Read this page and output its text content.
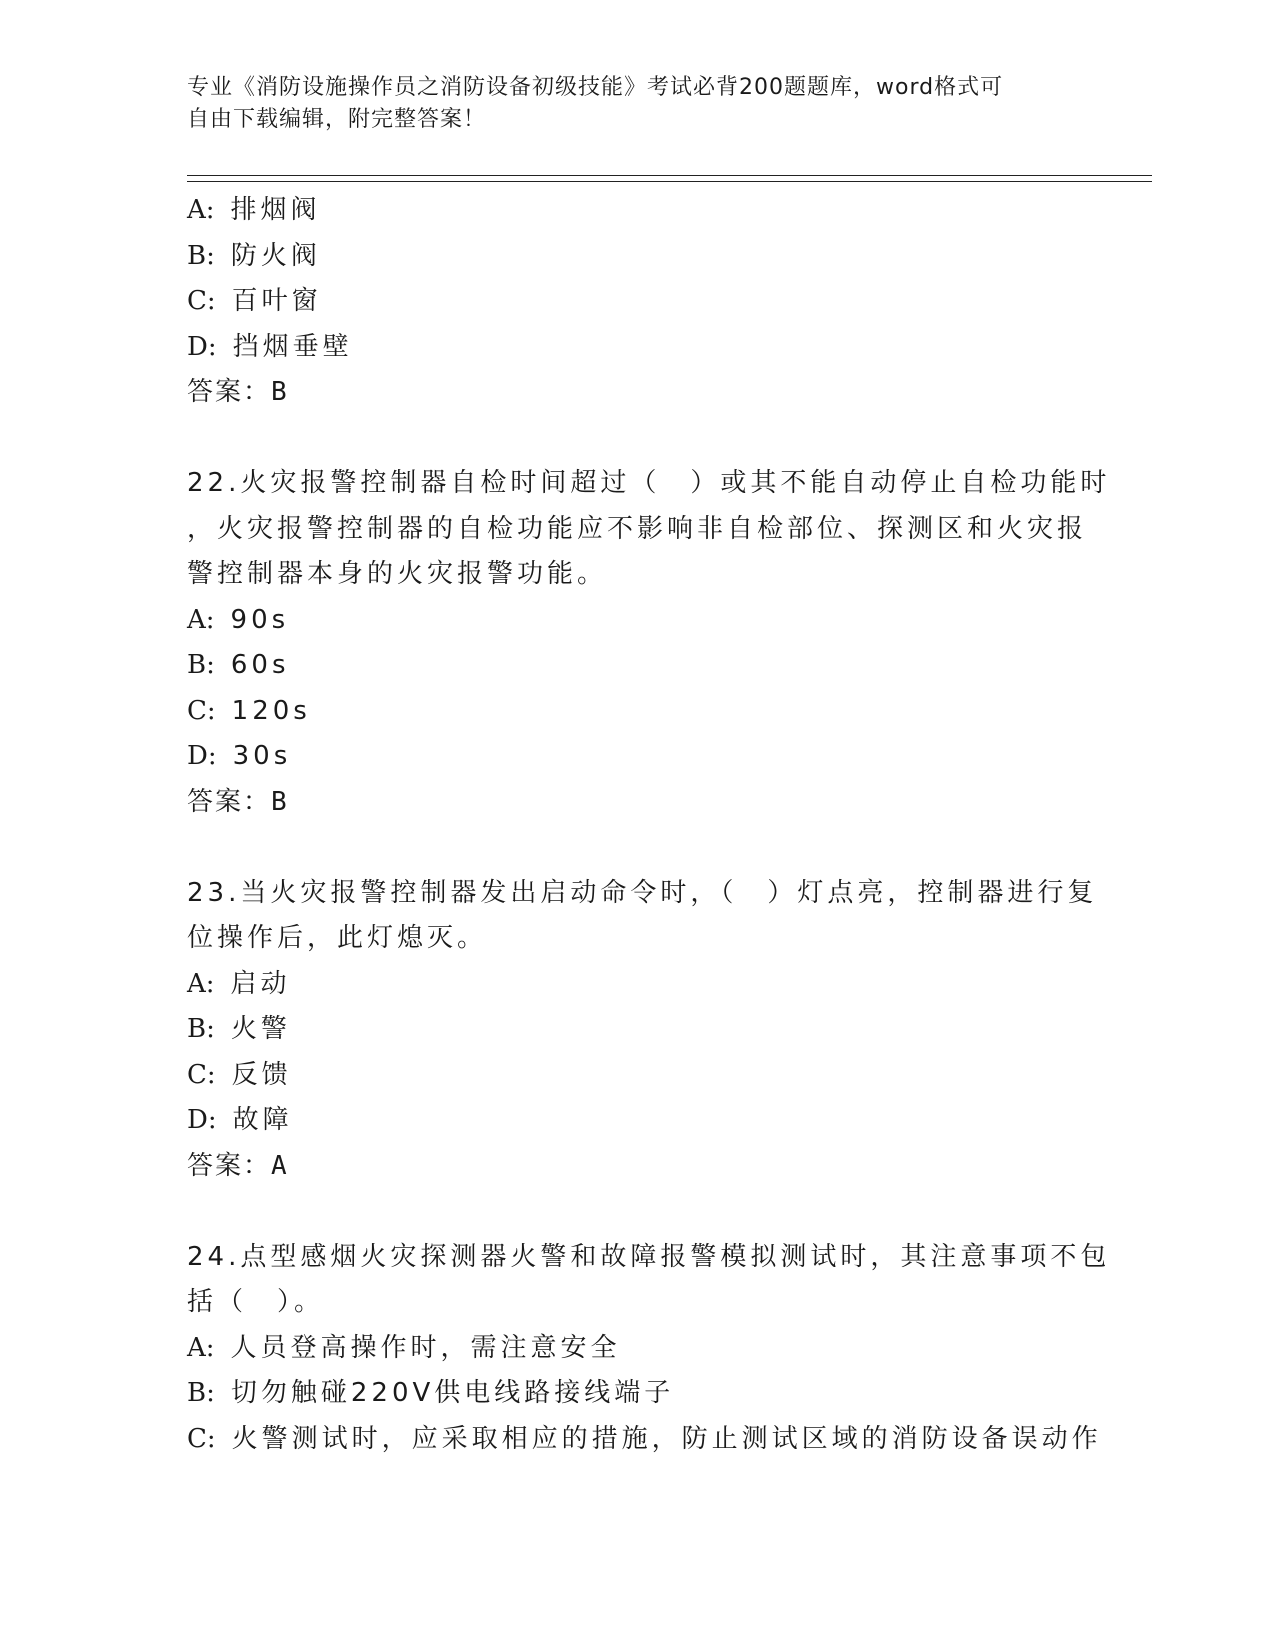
专业《消防设施操作员之消防设备初级技能》考试必背200题题库，word格式可
自由下载编辑，附完整答案！
A: 排烟阀
B: 防火阀
C: 百叶窗
D: 挡烟垂壁
答案：B
22.火灾报警控制器自检时间超过（　）或其不能自动停止自检功能时
，火灾报警控制器的自检功能应不影响非自检部位、探测区和火灾报
警控制器本身的火灾报警功能。
A: 90s
B: 60s
C: 120s
D: 30s
答案：B
23.当火灾报警控制器发出启动命令时，（　）灯点亮，控制器进行复
位操作后，此灯熄灭。
A: 启动
B: 火警
C: 反馈
D: 故障
答案：A
24.点型感烟火灾探测器火警和故障报警模拟测试时，其注意事项不包
括（　）。
A: 人员登高操作时，需注意安全
B: 切勿触碰220V供电线路接线端子
C: 火警测试时，应采取相应的措施，防止测试区域的消防设备误动作
